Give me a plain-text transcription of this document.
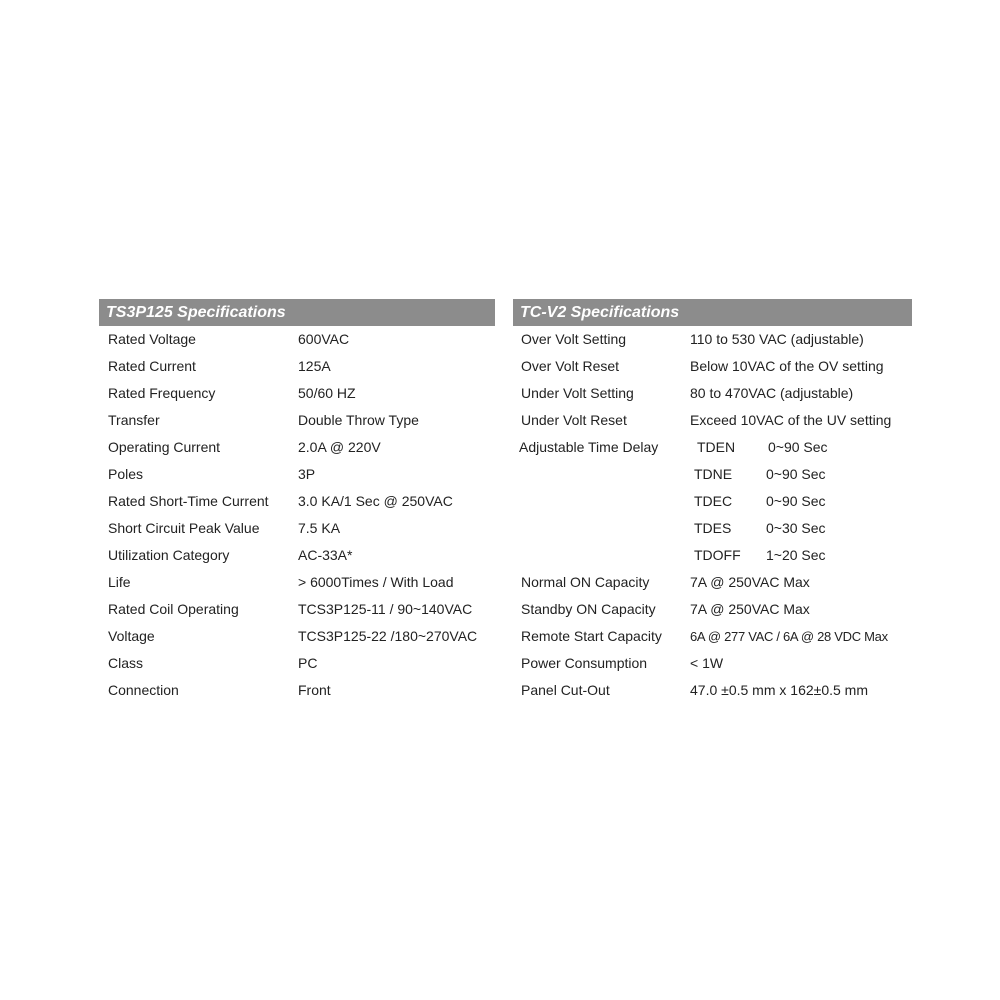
TS3P125 Specifications
Rated Voltage	600VAC
Rated Current	125A
Rated Frequency	50/60 HZ
Transfer	Double Throw Type
Operating Current	2.0A @ 220V
Poles	3P
Rated Short-Time Current 3.0 KA/1 Sec @ 250VAC
Short Circuit Peak Value	7.5 KA
Utilization Category	AC-33A*
Life	> 6000Times / With Load
Rated Coil Operating	TCS3P125-11 / 90~140VAC
Voltage	TCS3P125-22 /180~270VAC
Class	PC
Connection	Front
TC-V2 Specifications
Over Volt Setting	110 to 530 VAC (adjustable)
Over Volt Reset	Below 10VAC of the OV setting
Under Volt Setting	80 to 470VAC (adjustable)
Under Volt Reset	Exceed 10VAC of the UV setting
Adjustable Time Delay	TDEN 0~90 Sec
TDNE 0~90 Sec
TDEC 0~90 Sec
TDES 0~30 Sec
TDOFF 1~20 Sec
Normal ON Capacity	7A @ 250VAC Max
Standby ON Capacity 7A @ 250VAC Max
Remote Start Capacity 6A @ 277 VAC / 6A @ 28 VDC Max
Power Consumption	< 1W
Panel Cut-Out	47.0 ±0.5 mm x 162±0.5 mm
